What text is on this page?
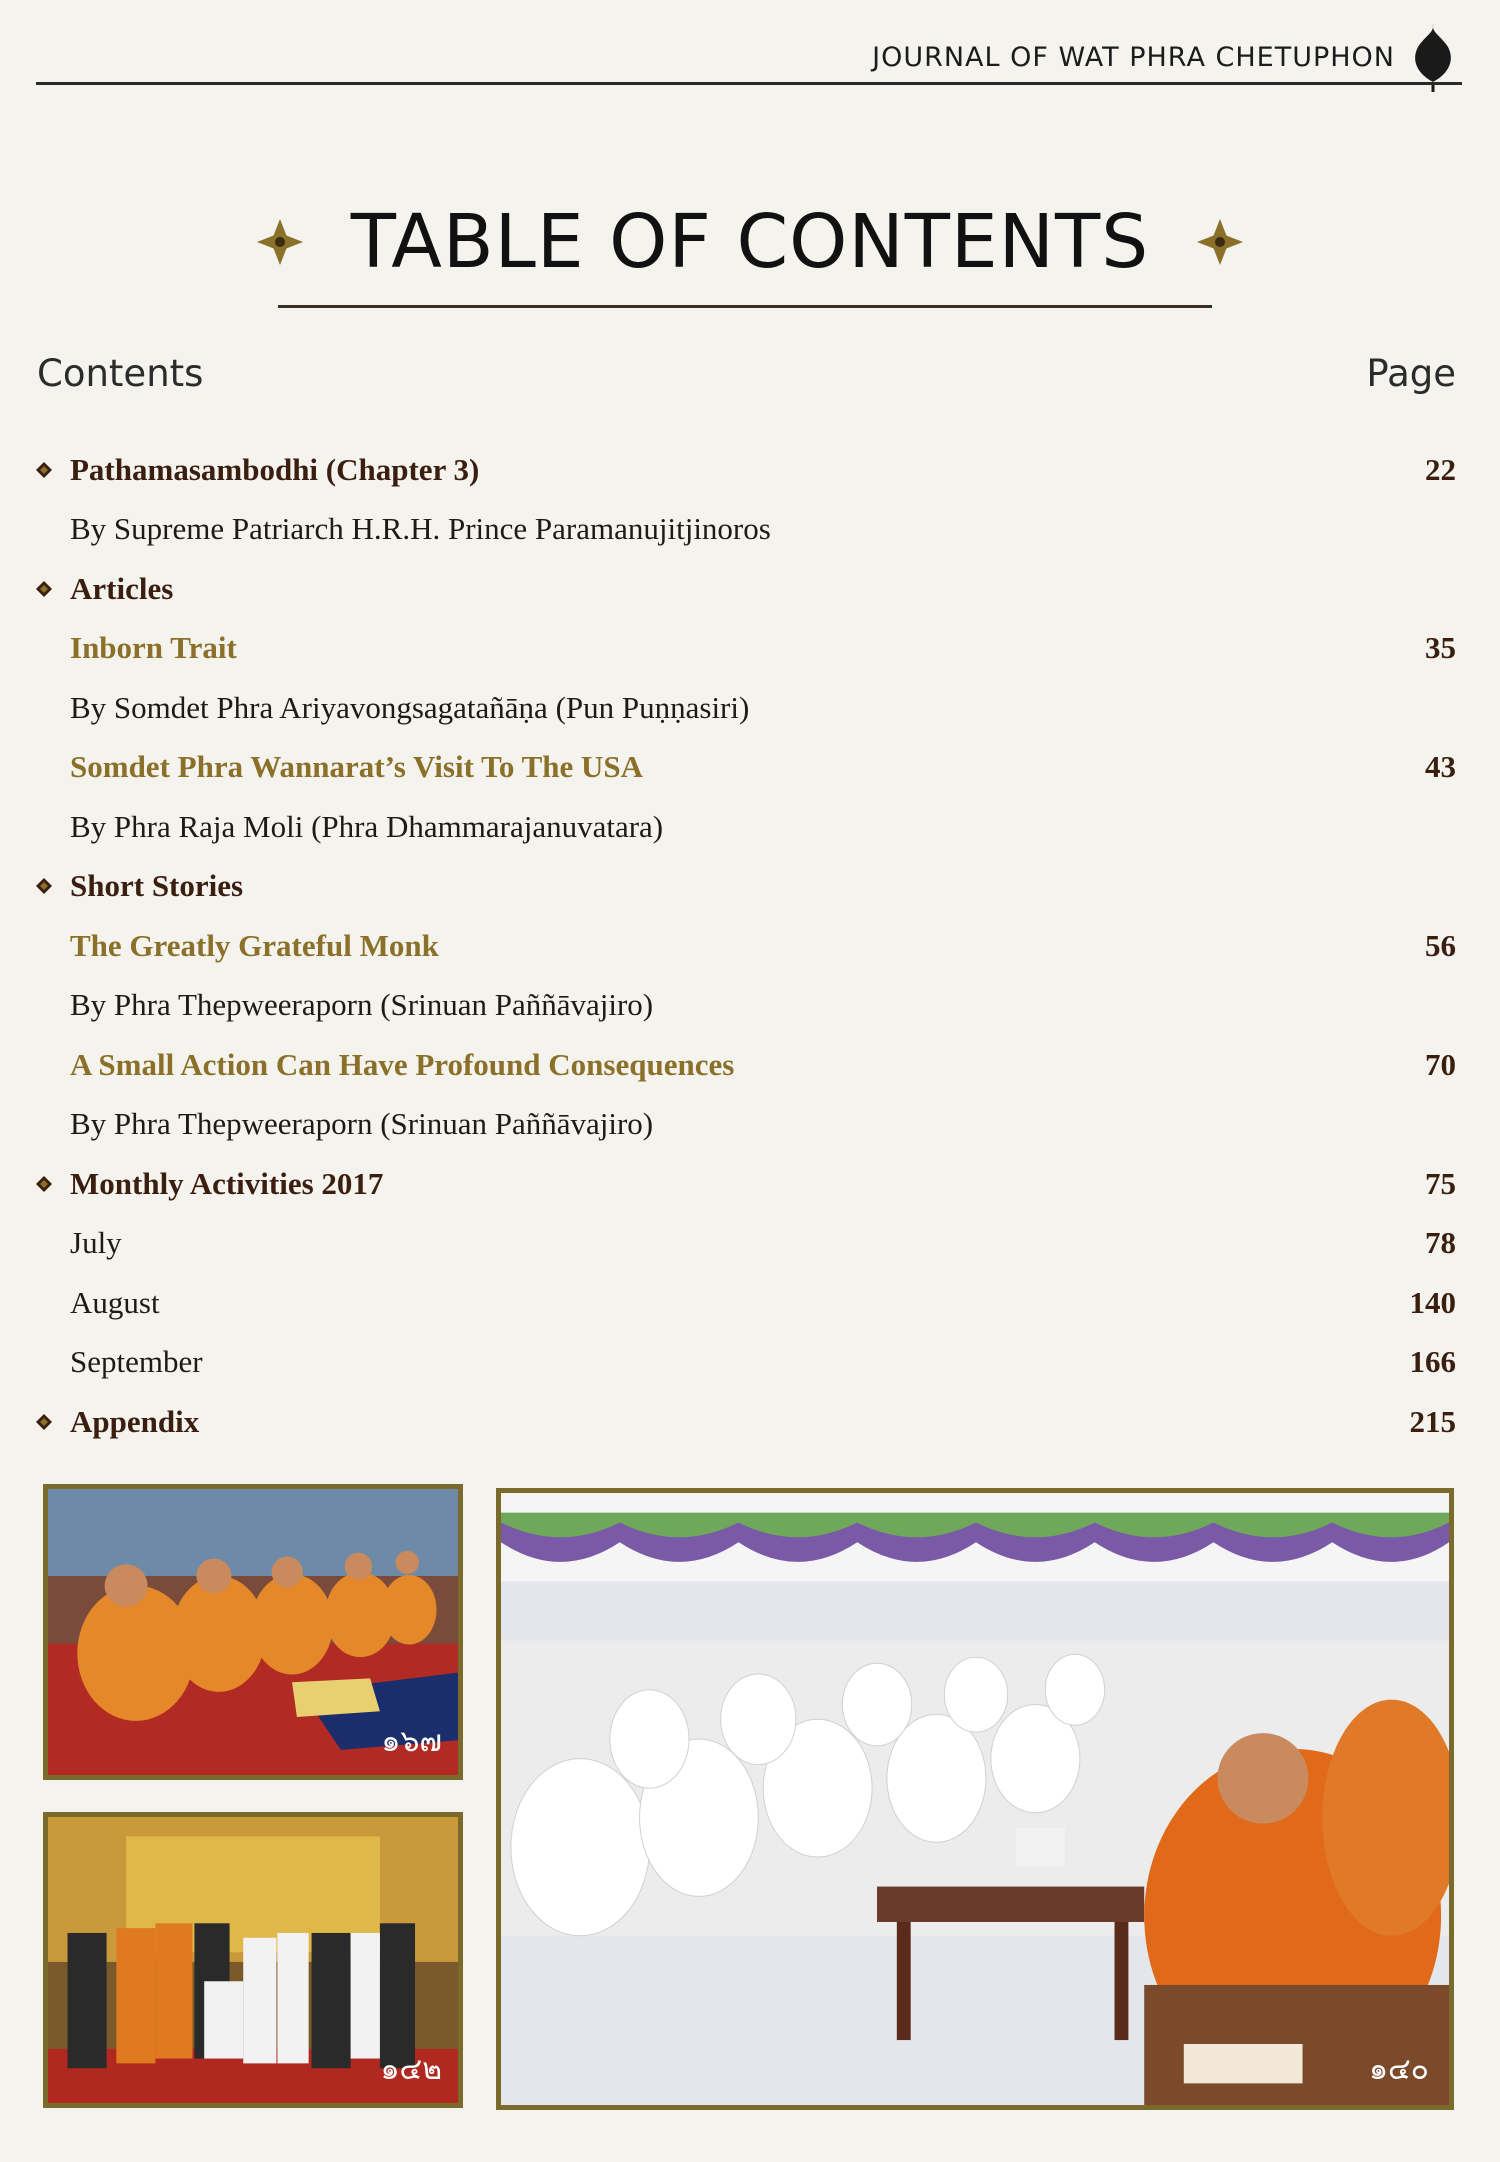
JOURNAL OF WAT PHRA CHETUPHON
TABLE OF CONTENTS
Contents	Page
Pathamasambodhi (Chapter 3)	22
By Supreme Patriarch H.R.H. Prince Paramanujitjinoros
Articles
Inborn Trait	35
By Somdet Phra Ariyavongsagatañāṇa (Pun Puṇṇasiri)
Somdet Phra Wannarat’s Visit To The USA	43
By Phra Raja Moli (Phra Dhammarajanuvatara)
Short Stories
The Greatly Grateful Monk	56
By Phra Thepweeraporn (Srinuan Paññāvajiro)
A Small Action Can Have Profound Consequences	70
By Phra Thepweeraporn (Srinuan Paññāvajiro)
Monthly Activities 2017	75
July	78
August	140
September	166
Appendix	215
๑๖๗
๑๔๒	๑๔๐
